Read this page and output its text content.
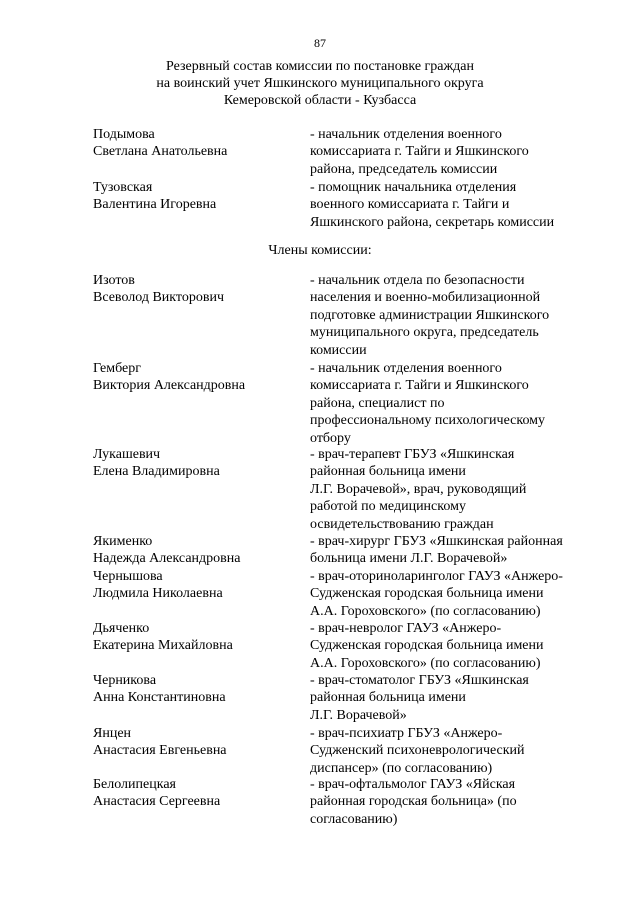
87
Резервный состав комиссии по постановке граждан
на воинский учет Яшкинского муниципального округа
Кемеровской области - Кузбасса
Подымова
Светлана Анатольевна
- начальник отделения военного
комиссариата г. Тайги и Яшкинского
района, председатель комиссии
Тузовская
Валентина Игоревна
- помощник начальника отделения
военного комиссариата г. Тайги и
Яшкинского района, секретарь комиссии
Члены комиссии:
Изотов
Всеволод Викторович
- начальник отдела по безопасности
населения и военно-мобилизационной
подготовке администрации Яшкинского
муниципального округа, председатель
комиссии
Гемберг
Виктория Александровна
- начальник отделения военного
комиссариата г. Тайги и Яшкинского
района, специалист по
профессиональному психологическому
отбору
Лукашевич
Елена Владимировна
- врач-терапевт ГБУЗ «Яшкинская
районная больница имени
Л.Г. Ворачевой», врач, руководящий
работой по медицинскому
освидетельствованию граждан
Якименко
Надежда Александровна
- врач-хирург ГБУЗ «Яшкинская районная
больница имени Л.Г. Ворачевой»
Чернышова
Людмила Николаевна
- врач-оториноларинголог ГАУЗ «Анжеро-
Судженская городская больница имени
А.А. Гороховского» (по согласованию)
Дьяченко
Екатерина Михайловна
- врач-невролог ГАУЗ «Анжеро-
Судженская городская больница имени
А.А. Гороховского» (по согласованию)
Черникова
Анна Константиновна
- врач-стоматолог ГБУЗ «Яшкинская
районная больница имени
Л.Г. Ворачевой»
Янцен
Анастасия Евгеньевна
- врач-психиатр ГБУЗ «Анжеро-
Судженский психоневрологический
диспансер» (по согласованию)
Белолипецкая
Анастасия Сергеевна
- врач-офтальмолог ГАУЗ «Яйская
районная городская больница» (по
согласованию)
